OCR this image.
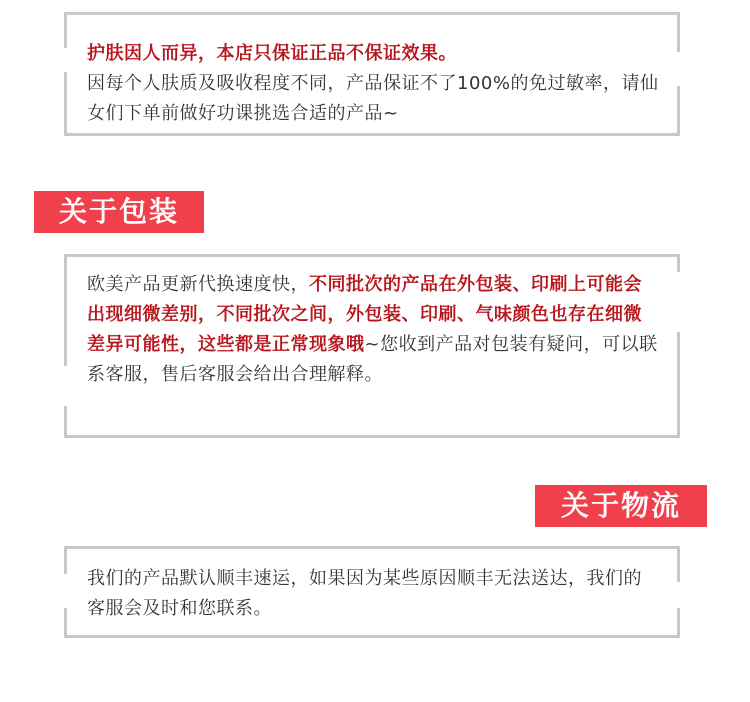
护肤因人而异，本店只保证正品不保证效果。
因每个人肤质及吸收程度不同，产品保证不了100%的免过敏率，请仙女们下单前做好功课挑选合适的产品~
关于包装
欧美产品更新代换速度快，不同批次的产品在外包装、印刷上可能会出现细微差别，不同批次之间，外包装、印刷、气味颜色也存在细微差异可能性，这些都是正常现象哦~您收到产品对包装有疑问，可以联系客服，售后客服会给出合理解释。
关于物流
我们的产品默认顺丰速运，如果因为某些原因顺丰无法送达，我们的客服会及时和您联系。
